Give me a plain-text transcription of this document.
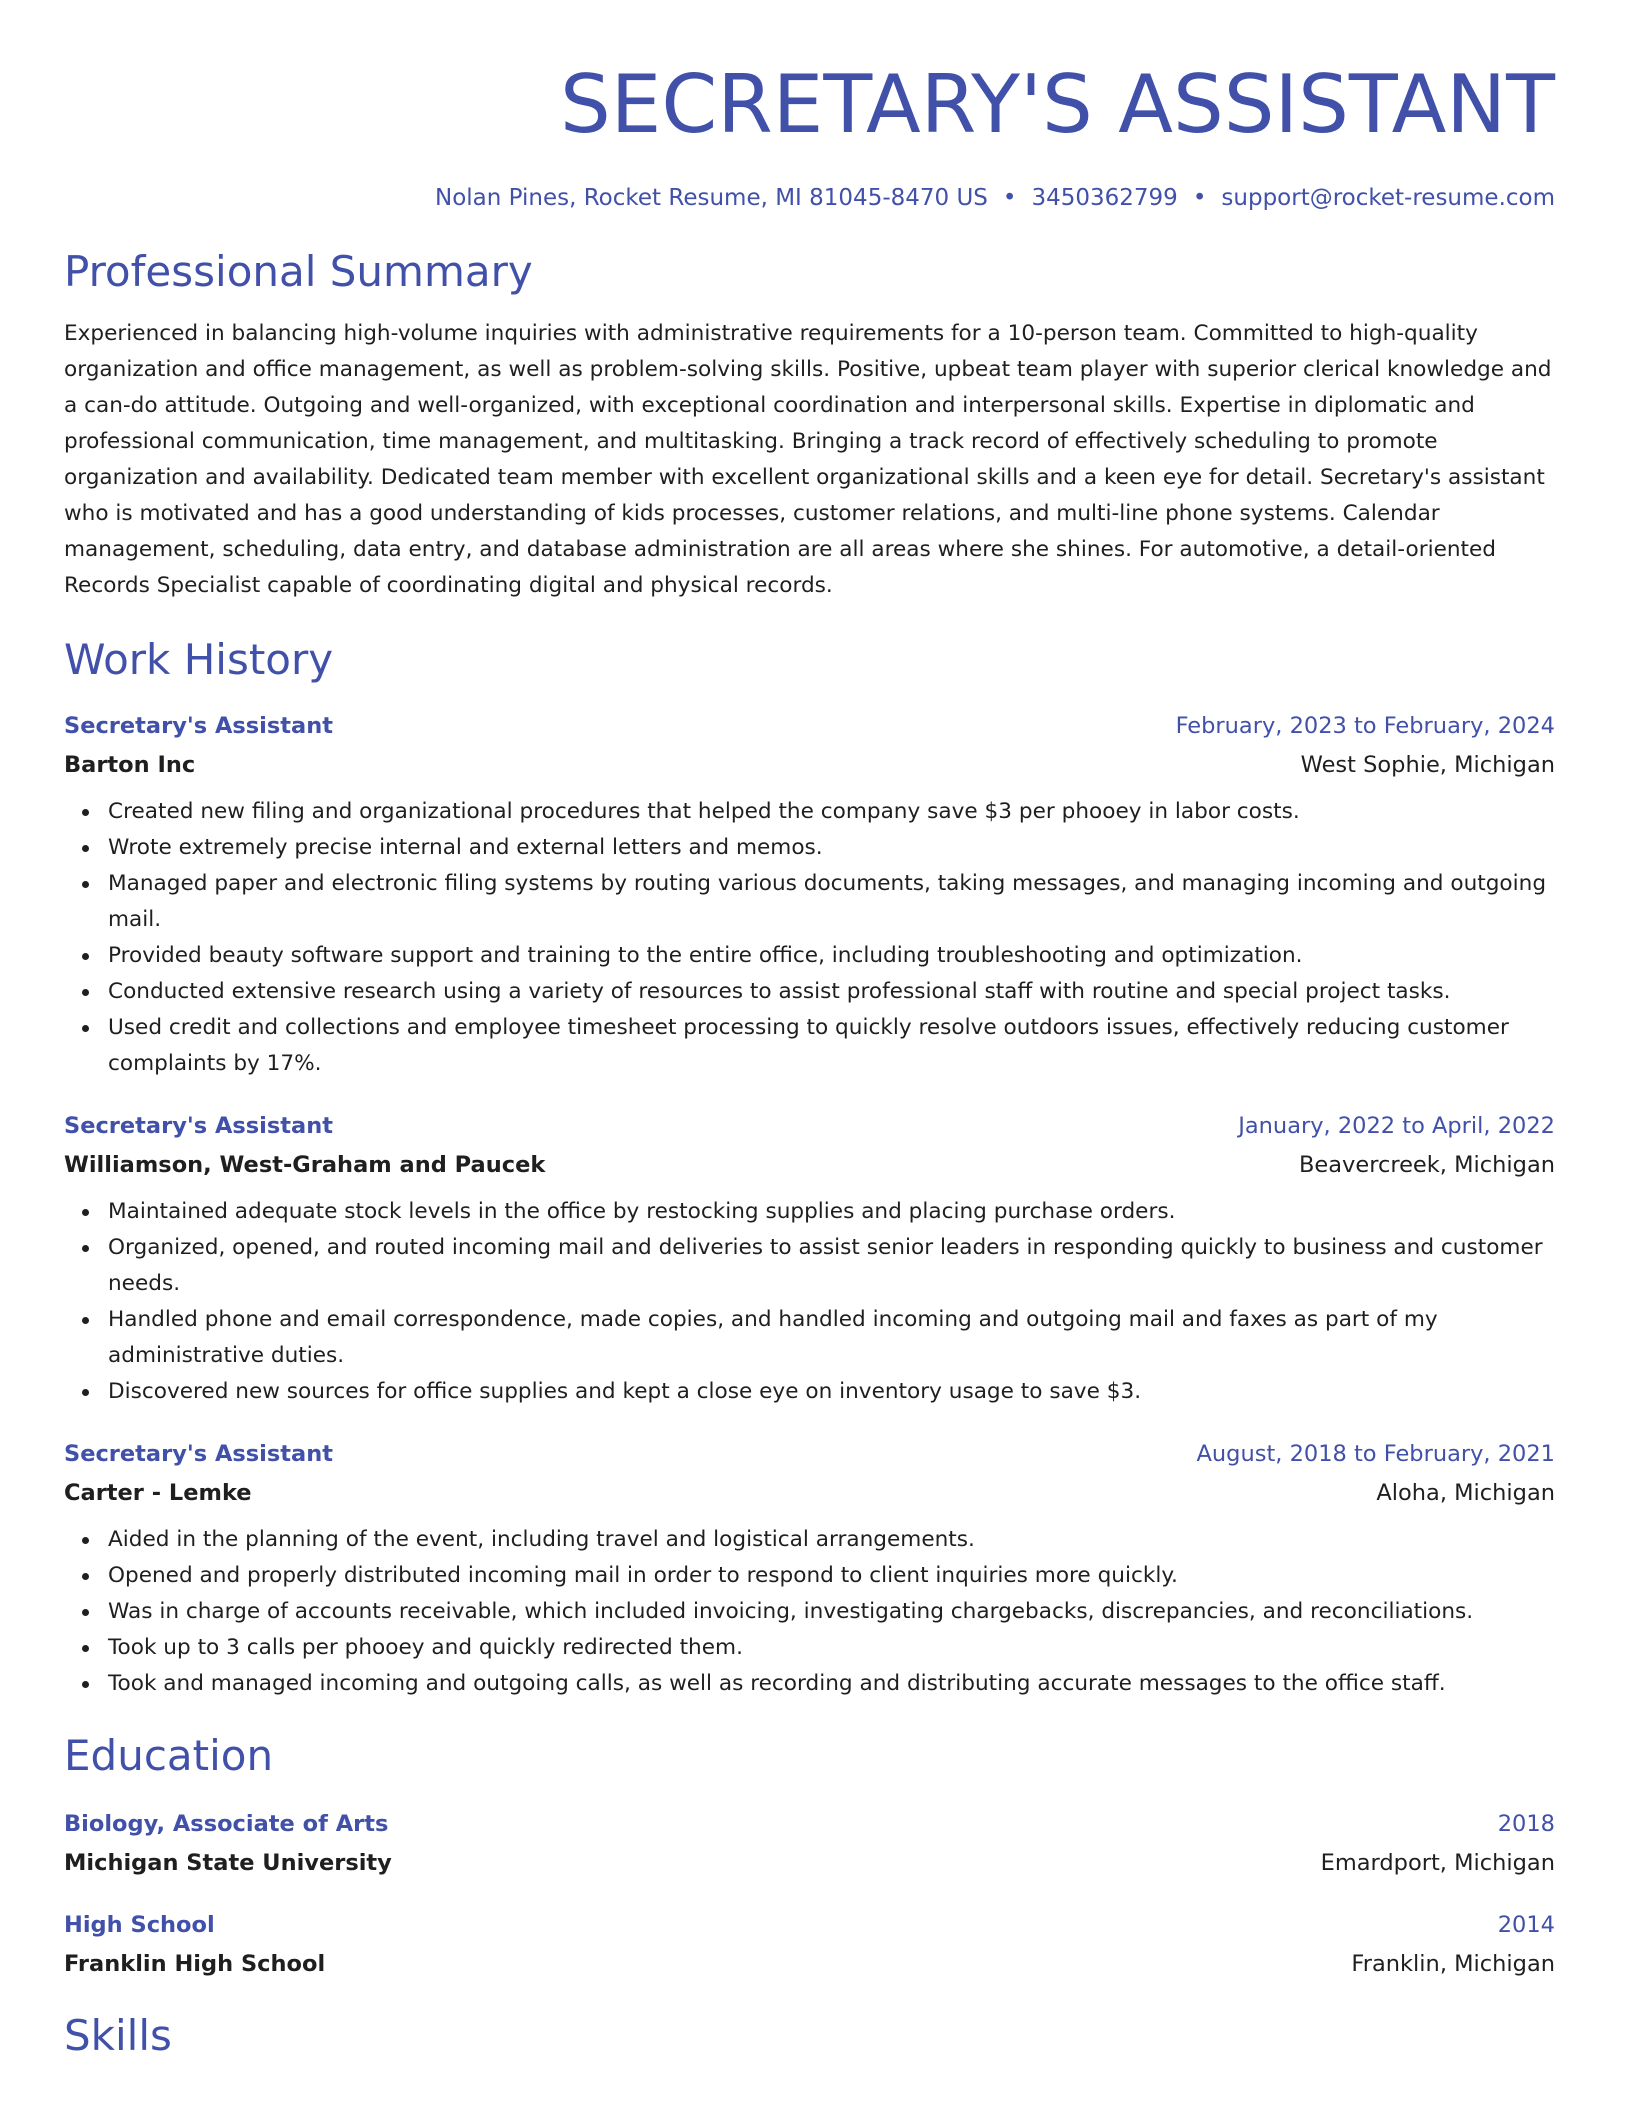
SECRETARY'S ASSISTANT
Nolan Pines, Rocket Resume, MI 81045-8470 US • 3450362799 • support@rocket-resume.com
Professional Summary
Experienced in balancing high-volume inquiries with administrative requirements for a 10-person team. Committed to high-quality organization and office management, as well as problem-solving skills. Positive, upbeat team player with superior clerical knowledge and a can-do attitude. Outgoing and well-organized, with exceptional coordination and interpersonal skills. Expertise in diplomatic and professional communication, time management, and multitasking. Bringing a track record of effectively scheduling to promote organization and availability. Dedicated team member with excellent organizational skills and a keen eye for detail. Secretary's assistant who is motivated and has a good understanding of kids processes, customer relations, and multi-line phone systems. Calendar management, scheduling, data entry, and database administration are all areas where she shines. For automotive, a detail-oriented Records Specialist capable of coordinating digital and physical records.
Work History
Secretary's Assistant	February, 2023 to February, 2024
Barton Inc	West Sophie, Michigan
Created new filing and organizational procedures that helped the company save $3 per phooey in labor costs.
Wrote extremely precise internal and external letters and memos.
Managed paper and electronic filing systems by routing various documents, taking messages, and managing incoming and outgoing mail.
Provided beauty software support and training to the entire office, including troubleshooting and optimization.
Conducted extensive research using a variety of resources to assist professional staff with routine and special project tasks.
Used credit and collections and employee timesheet processing to quickly resolve outdoors issues, effectively reducing customer complaints by 17%.
Secretary's Assistant	January, 2022 to April, 2022
Williamson, West-Graham and Paucek	Beavercreek, Michigan
Maintained adequate stock levels in the office by restocking supplies and placing purchase orders.
Organized, opened, and routed incoming mail and deliveries to assist senior leaders in responding quickly to business and customer needs.
Handled phone and email correspondence, made copies, and handled incoming and outgoing mail and faxes as part of my administrative duties.
Discovered new sources for office supplies and kept a close eye on inventory usage to save $3.
Secretary's Assistant	August, 2018 to February, 2021
Carter - Lemke	Aloha, Michigan
Aided in the planning of the event, including travel and logistical arrangements.
Opened and properly distributed incoming mail in order to respond to client inquiries more quickly.
Was in charge of accounts receivable, which included invoicing, investigating chargebacks, discrepancies, and reconciliations.
Took up to 3 calls per phooey and quickly redirected them.
Took and managed incoming and outgoing calls, as well as recording and distributing accurate messages to the office staff.
Education
Biology, Associate of Arts	2018
Michigan State University	Emardport, Michigan
High School	2014
Franklin High School	Franklin, Michigan
Skills
